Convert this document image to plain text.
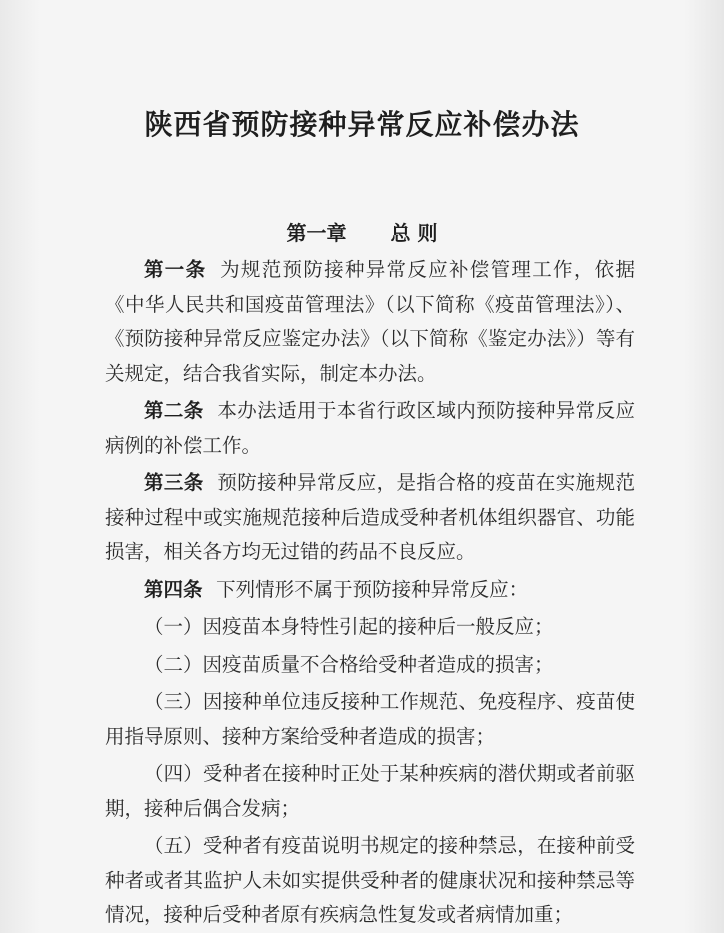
陕西省预防接种异常反应补偿办法
第一章 总 则

第一条 为规范预防接种异常反应补偿管理工作，依据《中华人民共和国疫苗管理法》（以下简称《疫苗管理法》）、《预防接种异常反应鉴定办法》（以下简称《鉴定办法》）等有关规定，结合我省实际，制定本办法。

第二条 本办法适用于本省行政区域内预防接种异常反应病例的补偿工作。

第三条 预防接种异常反应，是指合格的疫苗在实施规范接种过程中或实施规范接种后造成受种者机体组织器官、功能损害，相关各方均无过错的药品不良反应。

第四条 下列情形不属于预防接种异常反应：

（一）因疫苗本身特性引起的接种后一般反应；

（二）因疫苗质量不合格给受种者造成的损害；

（三）因接种单位违反接种工作规范、免疫程序、疫苗使用指导原则、接种方案给受种者造成的损害；

（四）受种者在接种时正处于某种疾病的潜伏期或者前驱期，接种后偶合发病；

（五）受种者有疫苗说明书规定的接种禁忌，在接种前受种者或者其监护人未如实提供受种者的健康状况和接种禁忌等情况，接种后受种者原有疾病急性复发或者病情加重；
